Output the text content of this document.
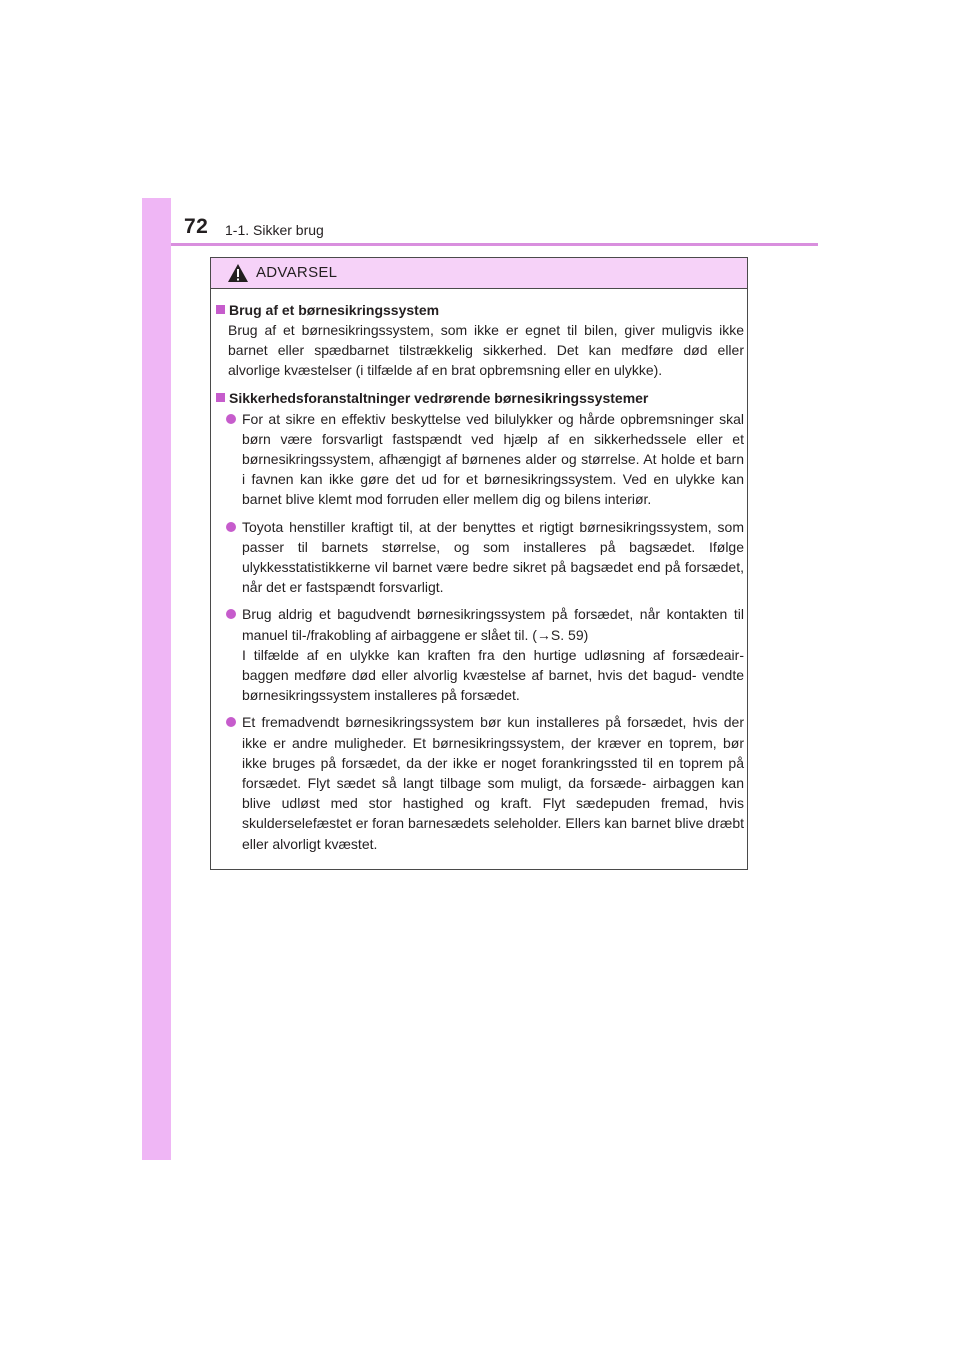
72 1-1. Sikker brug
ADVARSEL
Brug af et børnesikringssystem
Brug af et børnesikringssystem, som ikke er egnet til bilen, giver muligvis ikke barnet eller spædbarnet tilstrækkelig sikkerhed. Det kan medføre død eller alvorlige kvæstelser (i tilfælde af en brat opbremsning eller en ulykke).
Sikkerhedsforanstaltninger vedrørende børnesikringssystemer
For at sikre en effektiv beskyttelse ved bilulykker og hårde opbremsninger skal børn være forsvarligt fastspændt ved hjælp af en sikkerhedssele eller et børnesikringssystem, afhængigt af børnenes alder og størrelse. At holde et barn i favnen kan ikke gøre det ud for et børnesikringssystem. Ved en ulykke kan barnet blive klemt mod forruden eller mellem dig og bilens interiør.
Toyota henstiller kraftigt til, at der benyttes et rigtigt børnesikringssystem, som passer til barnets størrelse, og som installeres på bagsædet. Ifølge ulykkesstatistikkerne vil barnet være bedre sikret på bagsædet end på forsædet, når det er fastspændt forsvarligt.
Brug aldrig et bagudvendt børnesikringssystem på forsædet, når kontakten til manuel til-/frakobling af airbaggene er slået til. (→S. 59)
I tilfælde af en ulykke kan kraften fra den hurtige udløsning af forsædeair- baggen medføre død eller alvorlig kvæstelse af barnet, hvis det bagud- vendte børnesikringssystem installeres på forsædet.
Et fremadvendt børnesikringssystem bør kun installeres på forsædet, hvis der ikke er andre muligheder. Et børnesikringssystem, der kræver en toprem, bør ikke bruges på forsædet, da der ikke er noget forankringssted til en toprem på forsædet. Flyt sædet så langt tilbage som muligt, da forsæde- airbaggen kan blive udløst med stor hastighed og kraft. Flyt sædepuden fremad, hvis skulderselefæstet er foran barnesædets seleholder. Ellers kan barnet blive dræbt eller alvorligt kvæstet.
